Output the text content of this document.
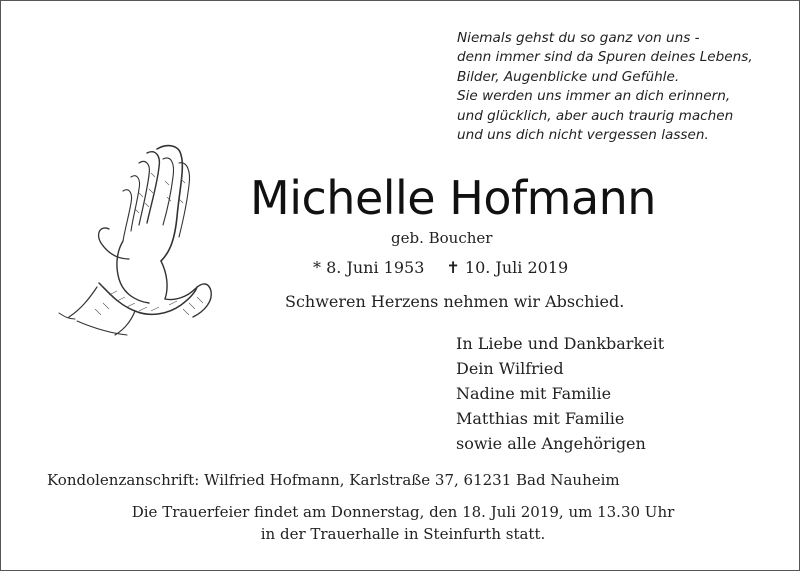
Niemals gehst du so ganz von uns -
denn immer sind da Spuren deines Lebens,
Bilder, Augenblicke und Gefühle.
Sie werden uns immer an dich erinnern,
und glücklich, aber auch traurig machen
und uns dich nicht vergessen lassen.
Michelle Hofmann
geb. Boucher
* 8. Juni 1953 ✝ 10. Juli 2019
Schweren Herzens nehmen wir Abschied.
In Liebe und Dankbarkeit
Dein Wilfried
Nadine mit Familie
Matthias mit Familie
sowie alle Angehörigen
Kondolenzanschrift: Wilfried Hofmann, Karlstraße 37, 61231 Bad Nauheim
Die Trauerfeier findet am Donnerstag, den 18. Juli 2019, um 13.30 Uhr
in der Trauerhalle in Steinfurth statt.
